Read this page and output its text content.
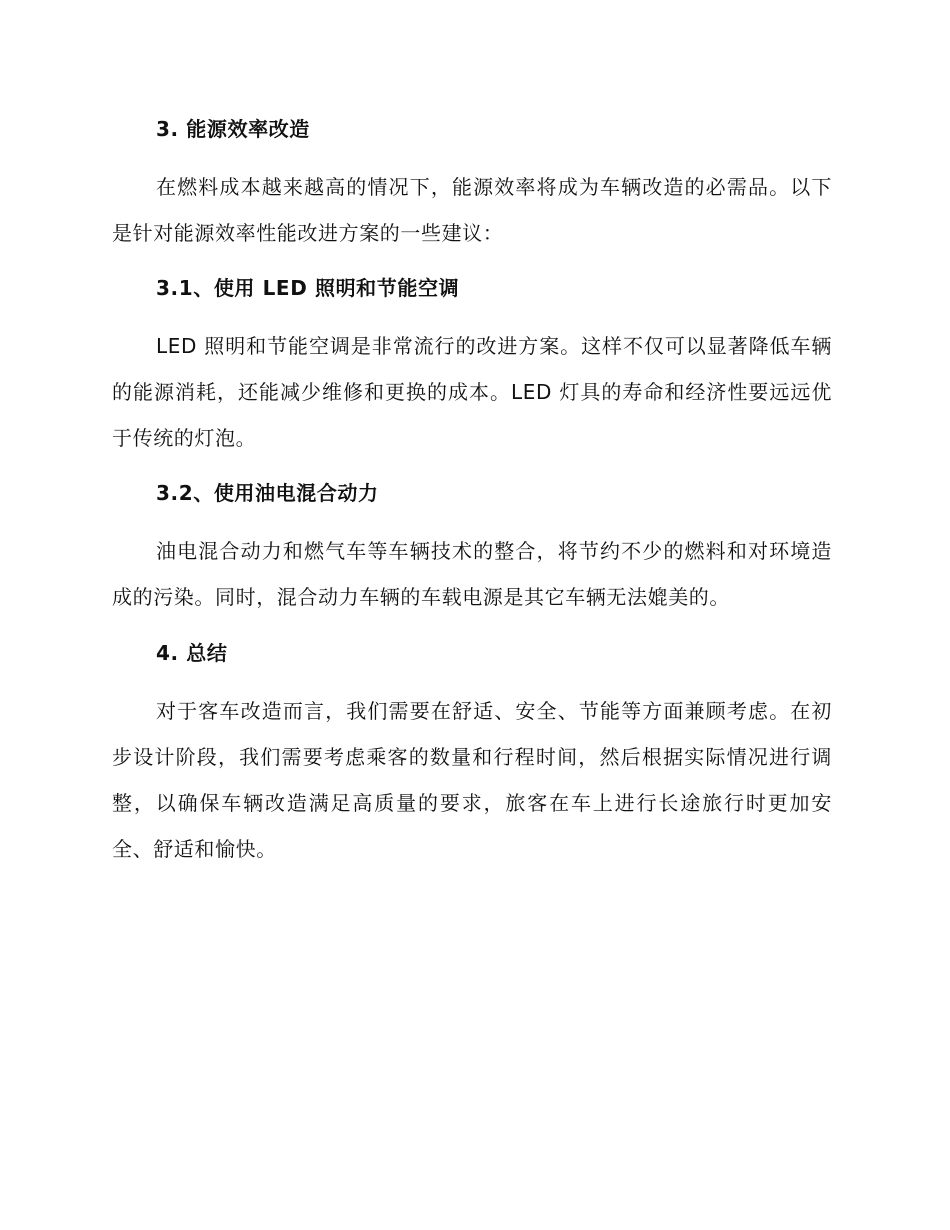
3. 能源效率改造
在燃料成本越来越高的情况下，能源效率将成为车辆改造的必需品。以下是针对能源效率性能改进方案的一些建议：
3.1、使用 LED 照明和节能空调
LED 照明和节能空调是非常流行的改进方案。这样不仅可以显著降低车辆的能源消耗，还能减少维修和更换的成本。LED 灯具的寿命和经济性要远远优于传统的灯泡。
3.2、使用油电混合动力
油电混合动力和燃气车等车辆技术的整合，将节约不少的燃料和对环境造成的污染。同时，混合动力车辆的车载电源是其它车辆无法媲美的。
4. 总结
对于客车改造而言，我们需要在舒适、安全、节能等方面兼顾考虑。在初步设计阶段，我们需要考虑乘客的数量和行程时间，然后根据实际情况进行调整，以确保车辆改造满足高质量的要求，旅客在车上进行长途旅行时更加安全、舒适和愉快。
